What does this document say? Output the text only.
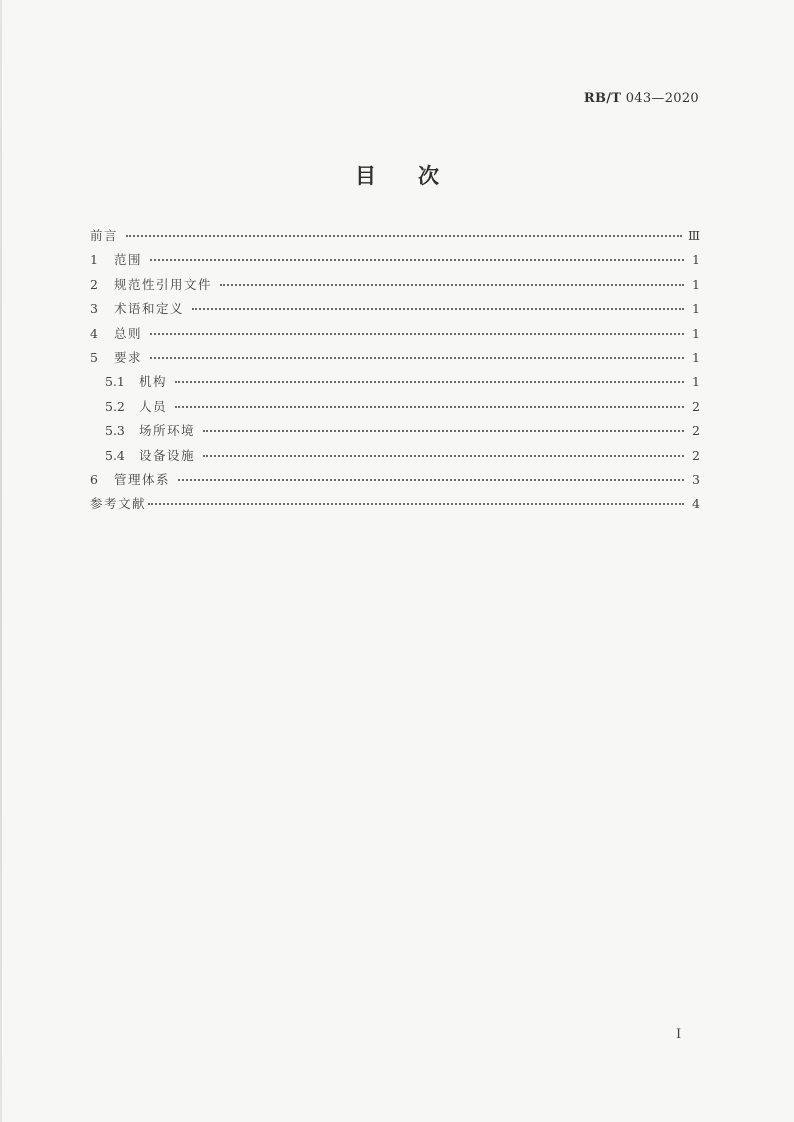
RB/T 043—2020
目次
前言	Ⅲ
1	范围	1
2	规范性引用文件	1
3	术语和定义	1
4	总则	1
5	要求	1
5.1	机构	1
5.2	人员	2
5.3	场所环境	2
5.4	设备设施	2
6	管理体系	3
参考文献	4
I
